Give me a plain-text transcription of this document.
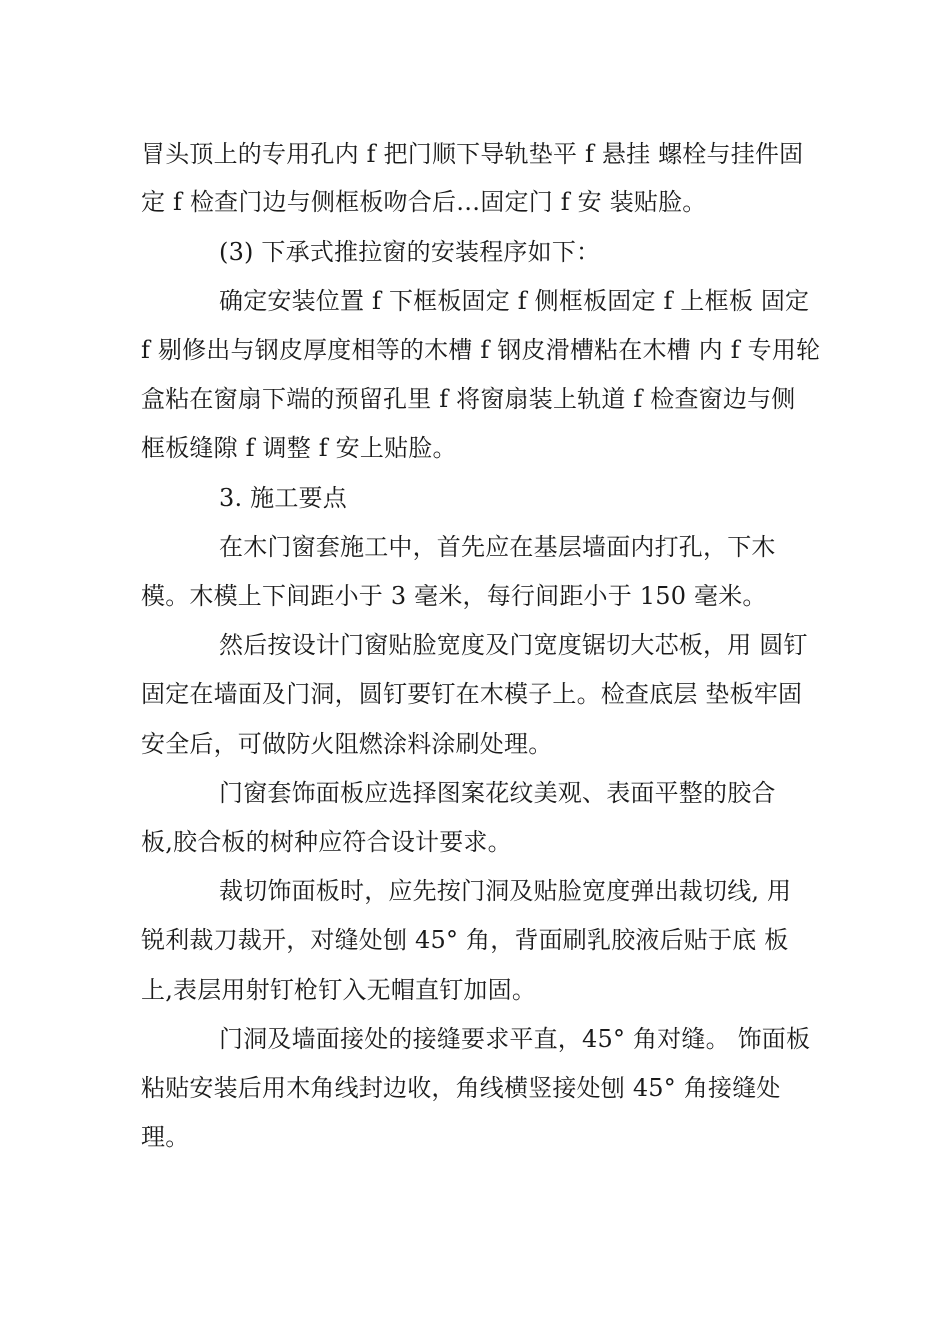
冒头顶上的专用孔内 f 把门顺下导轨垫平 f 悬挂 螺栓与挂件固
定 f 检查门边与侧框板吻合后…固定门 f 安 装贴脸。
(3) 下承式推拉窗的安装程序如下：
确定安装位置 f 下框板固定 f 侧框板固定 f 上框板 固定
f 剔修出与钢皮厚度相等的木槽 f 钢皮滑槽粘在木槽 内 f 专用轮
盒粘在窗扇下端的预留孔里 f 将窗扇装上轨道 f 检查窗边与侧
框板缝隙 f 调整 f 安上贴脸。
3. 施工要点
在木门窗套施工中，首先应在基层墙面内打孔，下木
模。木模上下间距小于 3 毫米，每行间距小于 150 毫米。
然后按设计门窗贴脸宽度及门宽度锯切大芯板，用 圆钉
固定在墙面及门洞，圆钉要钉在木模子上。检查底层 垫板牢固
安全后，可做防火阻燃涂料涂刷处理。
门窗套饰面板应选择图案花纹美观、表面平整的胶合
板,胶合板的树种应符合设计要求。
裁切饰面板时，应先按门洞及贴脸宽度弹出裁切线, 用
锐利裁刀裁开，对缝处刨 45° 角，背面刷乳胶液后贴于底 板
上,表层用射钉枪钉入无帽直钉加固。
门洞及墙面接处的接缝要求平直，45° 角对缝。 饰面板
粘贴安装后用木角线封边收，角线横竖接处刨 45° 角接缝处
理。
